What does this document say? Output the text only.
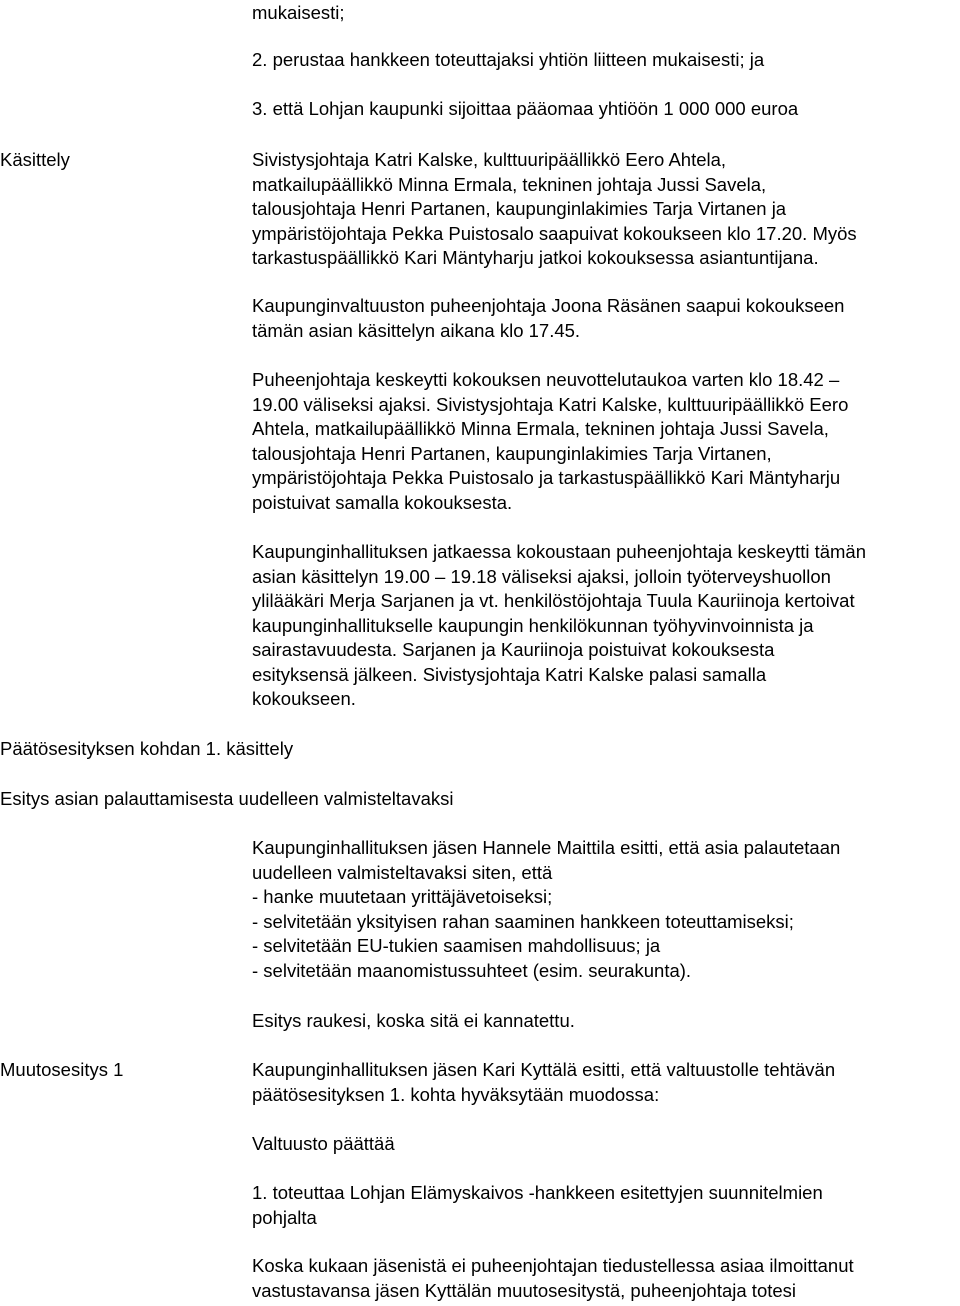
mukaisesti;

2. perustaa hankkeen toteuttajaksi yhtiön liitteen mukaisesti; ja

3. että Lohjan kaupunki sijoittaa pääomaa yhtiöön 1 000 000 euroa

Käsittely	Sivistysjohtaja Katri Kalske, kulttuuripäällikkö Eero Ahtela,
matkailupäällikkö Minna Ermala, tekninen johtaja Jussi Savela,
talousjohtaja Henri Partanen, kaupunginlakimies Tarja Virtanen ja
ympäristöjohtaja Pekka Puistosalo saapuivat kokoukseen klo 17.20. Myös
tarkastuspäällikkö Kari Mäntyharju jatkoi kokouksessa asiantuntijana.
Kaupunginvaltuuston puheenjohtaja Joona Räsänen saapui kokoukseen
tämän asian käsittelyn aikana klo 17.45.
Puheenjohtaja keskeytti kokouksen neuvottelutaukoa varten klo 18.42 –
19.00 väliseksi ajaksi. Sivistysjohtaja Katri Kalske, kulttuuripäällikkö Eero
Ahtela, matkailupäällikkö Minna Ermala, tekninen johtaja Jussi Savela,
talousjohtaja Henri Partanen, kaupunginlakimies Tarja Virtanen,
ympäristöjohtaja Pekka Puistosalo ja tarkastuspäällikkö Kari Mäntyharju
poistuivat samalla kokouksesta.
Kaupunginhallituksen jatkaessa kokoustaan puheenjohtaja keskeytti tämän
asian käsittelyn 19.00 – 19.18 väliseksi ajaksi, jolloin työterveyshuollon
ylilääkäri Merja Sarjanen ja vt. henkilöstöjohtaja Tuula Kauriinoja kertoivat
kaupunginhallitukselle kaupungin henkilökunnan työhyvinvoinnista ja
sairastavuudesta. Sarjanen ja Kauriinoja poistuivat kokouksesta
esityksensä jälkeen. Sivistysjohtaja Katri Kalske palasi samalla
kokoukseen.

Päätösesityksen kohdan 1. käsittely

Esitys asian palauttamisesta uudelleen valmisteltavaksi

Kaupunginhallituksen jäsen Hannele Maittila esitti, että asia palautetaan
uudelleen valmisteltavaksi siten, että
- hanke muutetaan yrittäjävetoiseksi;
- selvitetään yksityisen rahan saaminen hankkeen toteuttamiseksi;
- selvitetään EU-tukien saamisen mahdollisuus; ja
- selvitetään maanomistussuhteet (esim. seurakunta).

Esitys raukesi, koska sitä ei kannatettu.

Muutosesitys 1	Kaupunginhallituksen jäsen Kari Kyttälä esitti, että valtuustolle tehtävän
päätösesityksen 1. kohta hyväksytään muodossa:

Valtuusto päättää

1. toteuttaa Lohjan Elämyskaivos -hankkeen esitettyjen suunnitelmien
pohjalta
Koska kukaan jäsenistä ei puheenjohtajan tiedustellessa asiaa ilmoittanut
vastustavansa jäsen Kyttälän muutosesitystä, puheenjohtaja totesi
